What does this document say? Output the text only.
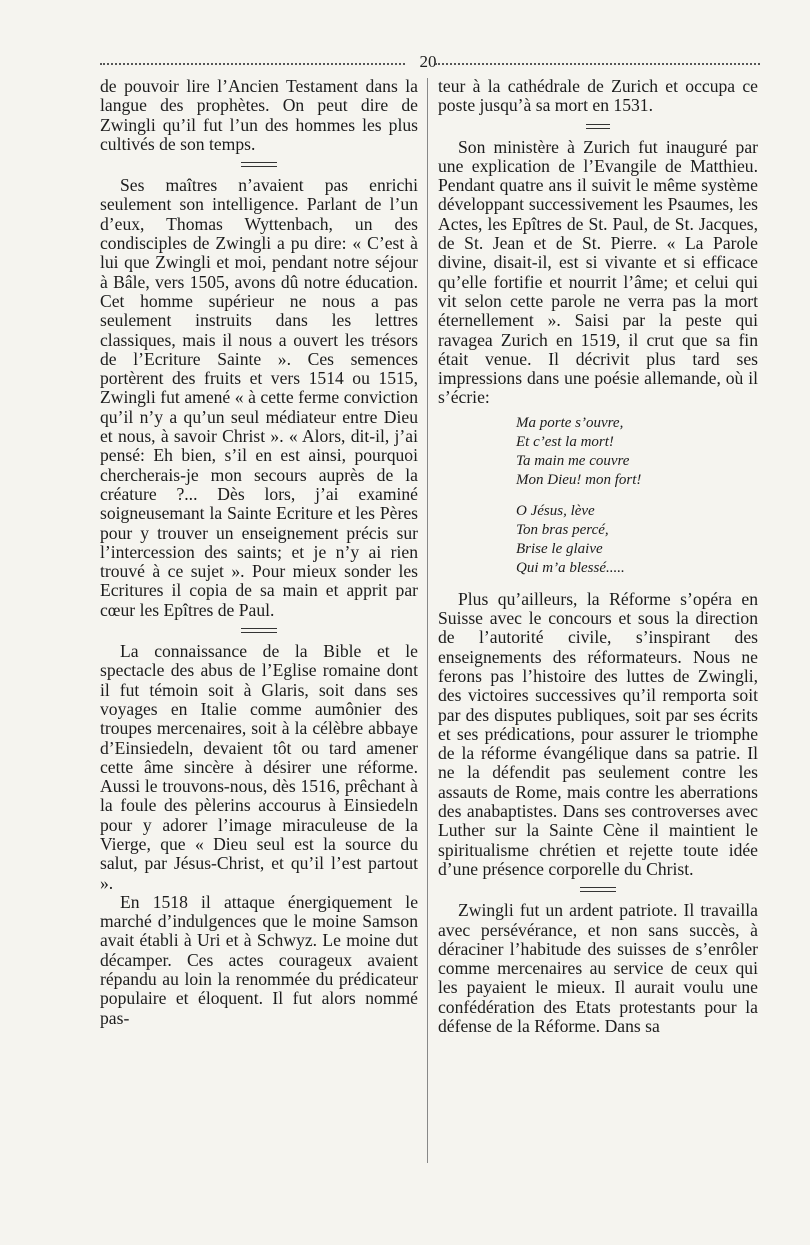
20

de pouvoir lire l’Ancien Testament dans la langue des prophètes. On peut dire de Zwingli qu’il fut l’un des hommes les plus cultivés de son temps.

Ses maîtres n’avaient pas enrichi seulement son intelligence. Parlant de l’un d’eux, Thomas Wyttenbach, un des condisciples de Zwingli a pu dire: « C’est à lui que Zwingli et moi, pendant notre séjour à Bâle, vers 1505, avons dû notre éducation. Cet homme supérieur ne nous a pas seulement instruits dans les lettres classiques, mais il nous a ouvert les trésors de l’Ecriture Sainte ». Ces semences portèrent des fruits et vers 1514 ou 1515, Zwingli fut amené « à cette ferme conviction qu’il n’y a qu’un seul médiateur entre Dieu et nous, à savoir Christ ». « Alors, dit-il, j’ai pensé: Eh bien, s’il en est ainsi, pourquoi chercherais-je mon secours auprès de la créature ?... Dès lors, j’ai examiné soigneusemant la Sainte Ecriture et les Pères pour y trouver un enseignement précis sur l’intercession des saints; et je n’y ai rien trouvé à ce sujet ». Pour mieux sonder les Ecritures il copia de sa main et apprit par cœur les Epîtres de Paul.

La connaissance de la Bible et le spectacle des abus de l’Eglise romaine dont il fut témoin soit à Glaris, soit dans ses voyages en Italie comme aumônier des troupes mercenaires, soit à la célèbre abbaye d’Einsiedeln, devaient tôt ou tard amener cette âme sincère à désirer une réforme. Aussi le trouvons-nous, dès 1516, prêchant à la foule des pèlerins accourus à Einsiedeln pour y adorer l’image miraculeuse de la Vierge, que « Dieu seul est la source du salut, par Jésus-Christ, et qu’il l’est partout ».

En 1518 il attaque énergiquement le marché d’indulgences que le moine Samson avait établi à Uri et à Schwyz. Le moine dut décamper. Ces actes courageux avaient répandu au loin la renommée du prédicateur populaire et éloquent. Il fut alors nommé pas-

teur à la cathédrale de Zurich et occupa ce poste jusqu’à sa mort en 1531.

Son ministère à Zurich fut inauguré par une explication de l’Evangile de Matthieu. Pendant quatre ans il suivit le même système développant successivement les Psaumes, les Actes, les Epîtres de St. Paul, de St. Jacques, de St. Jean et de St. Pierre. « La Parole divine, disait-il, est si vivante et si efficace qu’elle fortifie et nourrit l’âme; et celui qui vit selon cette parole ne verra pas la mort éternellement ». Saisi par la peste qui ravagea Zurich en 1519, il crut que sa fin était venue. Il décrivit plus tard ses impressions dans une poésie allemande, où il s’écrie:

Ma porte s’ouvre,
Et c’est la mort!
Ta main me couvre
Mon Dieu! mon fort!
O Jésus, lève
Ton bras percé,
Brise le glaive
Qui m’a blessé.....

Plus qu’ailleurs, la Réforme s’opéra en Suisse avec le concours et sous la direction de l’autorité civile, s’inspirant des enseignements des réformateurs. Nous ne ferons pas l’histoire des luttes de Zwingli, des victoires successives qu’il remporta soit par des disputes publiques, soit par ses écrits et ses prédications, pour assurer le triomphe de la réforme évangélique dans sa patrie. Il ne la défendit pas seulement contre les assauts de Rome, mais contre les aberrations des anabaptistes. Dans ses controverses avec Luther sur la Sainte Cène il maintient le spiritualisme chrétien et rejette toute idée d’une présence corporelle du Christ.

Zwingli fut un ardent patriote. Il travailla avec persévérance, et non sans succès, à déraciner l’habitude des suisses de s’enrôler comme mercenaires au service de ceux qui les payaient le mieux. Il aurait voulu une confédération des Etats protestants pour la défense de la Réforme. Dans sa
